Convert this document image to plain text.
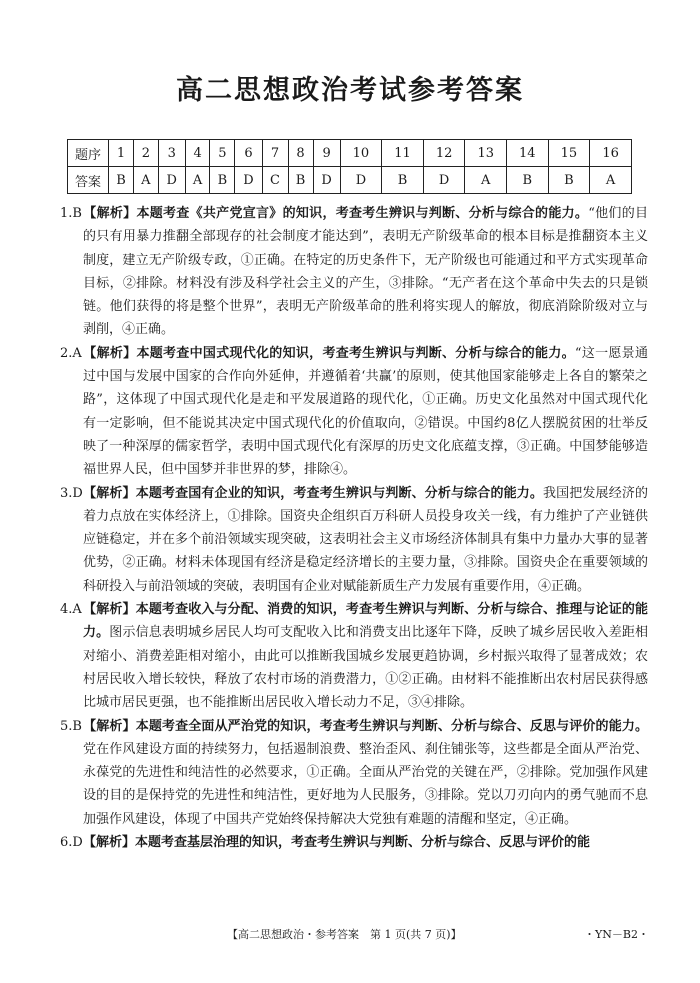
高二思想政治考试参考答案
题序	1	2	3	4	5	6	7	8	9	10	11	12	13	14	15	16
答案	B	A	D	A	B	D	C	B	D	D	B	D	A	B	B	A

1.B【解析】本题考查《共产党宣言》的知识，考查考生辨识与判断、分析与综合的能力。“他们的目的只有用暴力推翻全部现存的社会制度才能达到”，表明无产阶级革命的根本目标是推翻资本主义制度，建立无产阶级专政，①正确。在特定的历史条件下，无产阶级也可能通过和平方式实现革命目标，②排除。材料没有涉及科学社会主义的产生，③排除。“无产者在这个革命中失去的只是锁链。他们获得的将是整个世界”，表明无产阶级革命的胜利将实现人的解放，彻底消除阶级对立与剥削，④正确。

2.A【解析】本题考查中国式现代化的知识，考查考生辨识与判断、分析与综合的能力。“这一愿景通过中国与发展中国家的合作向外延伸，并遵循着‘共赢’的原则，使其他国家能够走上各自的繁荣之路”，这体现了中国式现代化是走和平发展道路的现代化，①正确。历史文化虽然对中国式现代化有一定影响，但不能说其决定中国式现代化的价值取向，②错误。中国约8亿人摆脱贫困的壮举反映了一种深厚的儒家哲学，表明中国式现代化有深厚的历史文化底蕴支撑，③正确。中国梦能够造福世界人民，但中国梦并非世界的梦，排除④。

3.D【解析】本题考查国有企业的知识，考查考生辨识与判断、分析与综合的能力。我国把发展经济的着力点放在实体经济上，①排除。国资央企组织百万科研人员投身攻关一线，有力维护了产业链供应链稳定，并在多个前沿领域实现突破，这表明社会主义市场经济体制具有集中力量办大事的显著优势，②正确。材料未体现国有经济是稳定经济增长的主要力量，③排除。国资央企在重要领域的科研投入与前沿领域的突破，表明国有企业对赋能新质生产力发展有重要作用，④正确。

4.A【解析】本题考查收入与分配、消费的知识，考查考生辨识与判断、分析与综合、推理与论证的能力。图示信息表明城乡居民人均可支配收入比和消费支出比逐年下降，反映了城乡居民收入差距相对缩小、消费差距相对缩小，由此可以推断我国城乡发展更趋协调，乡村振兴取得了显著成效；农村居民收入增长较快，释放了农村市场的消费潜力，①②正确。由材料不能推断出农村居民获得感比城市居民更强，也不能推断出居民收入增长动力不足，③④排除。

5.B【解析】本题考查全面从严治党的知识，考查考生辨识与判断、分析与综合、反思与评价的能力。党在作风建设方面的持续努力，包括遏制浪费、整治歪风、刹住铺张等，这些都是全面从严治党、永葆党的先进性和纯洁性的必然要求，①正确。全面从严治党的关键在严，②排除。党加强作风建设的目的是保持党的先进性和纯洁性，更好地为人民服务，③排除。党以刀刃向内的勇气驰而不息加强作风建设，体现了中国共产党始终保持解决大党独有难题的清醒和坚定，④正确。

6.D【解析】本题考查基层治理的知识，考查考生辨识与判断、分析与综合、反思与评价的能

【高二思想政治・参考答案　第 1 页(共 7 页)】	・YN－B2・
